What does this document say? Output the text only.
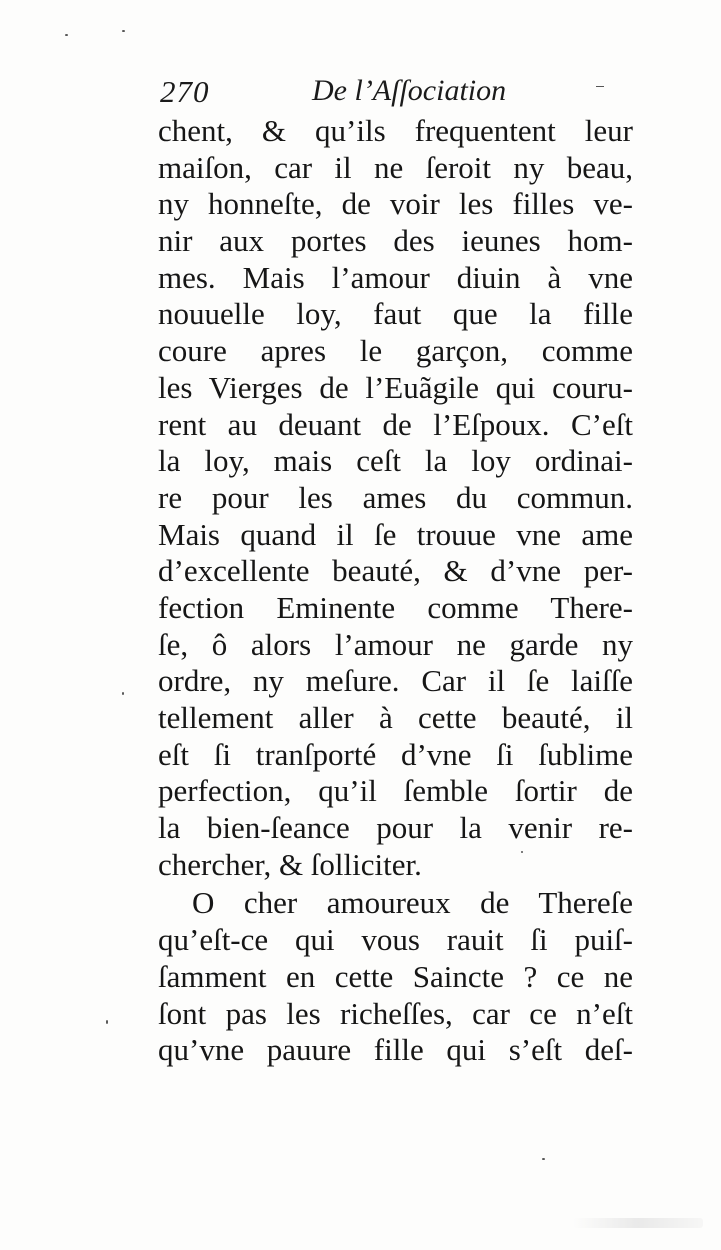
270	De l’Aſſociation
chent, & qu’ils frequentent leur
maiſon, car il ne ſeroit ny beau,
ny honneſte, de voir les filles ve-
nir aux portes des ieunes hom-
mes. Mais l’amour diuin à vne
nouuelle loy, faut que la fille
coure apres le garçon, comme
les Vierges de l’Euãgile qui couru-
rent au deuant de l’Eſpoux. C’eſt
la loy, mais ceſt la loy ordinai-
re pour les ames du commun.
Mais quand il ſe trouue vne ame
d’excellente beauté, & d’vne per-
fection Eminente comme There-
ſe, ô alors l’amour ne garde ny
ordre, ny meſure. Car il ſe laiſſe
tellement aller à cette beauté, il
eſt ſi tranſporté d’vne ſi ſublime
perfection, qu’il ſemble ſortir de
la bien-ſeance pour la venir re-
chercher, & ſolliciter.
O cher amoureux de Thereſe
qu’eſt-ce qui vous rauit ſi puiſ-
ſamment en cette Saincte ? ce ne
ſont pas les richeſſes, car ce n’eſt
qu’vne pauure fille qui s’eſt deſ-
